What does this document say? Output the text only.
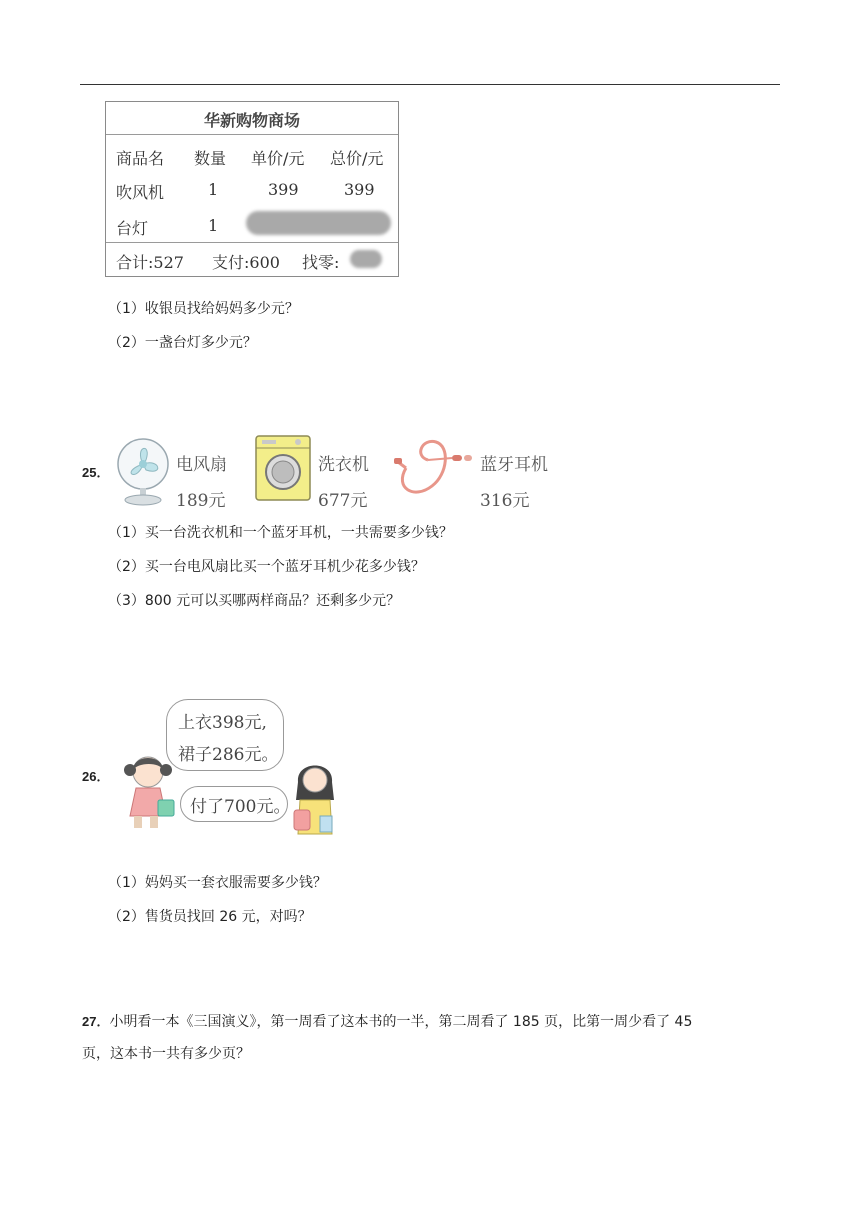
华新购物商场
商品名 数量 单价/元 总价/元
吹风机	1	399	399
台灯	1
合计:527 支付:600 找零:
（1）收银员找给妈妈多少元？
（2）一盏台灯多少元？
25．	电风扇
189元
洗衣机
677元
蓝牙耳机
316元
（1）买一台洗衣机和一个蓝牙耳机，一共需要多少钱？
（2）买一台电风扇比买一个蓝牙耳机少花多少钱？
（3）800 元可以买哪两样商品？还剩多少元？
26．
上衣398元,
裙子286元。
付了700元。
（1）妈妈买一套衣服需要多少钱？
（2）售货员找回 26 元，对吗？
27．小明看一本《三国演义》，第一周看了这本书的一半，第二周看了 185 页，比第一周少看了 45
页，这本书一共有多少页？
